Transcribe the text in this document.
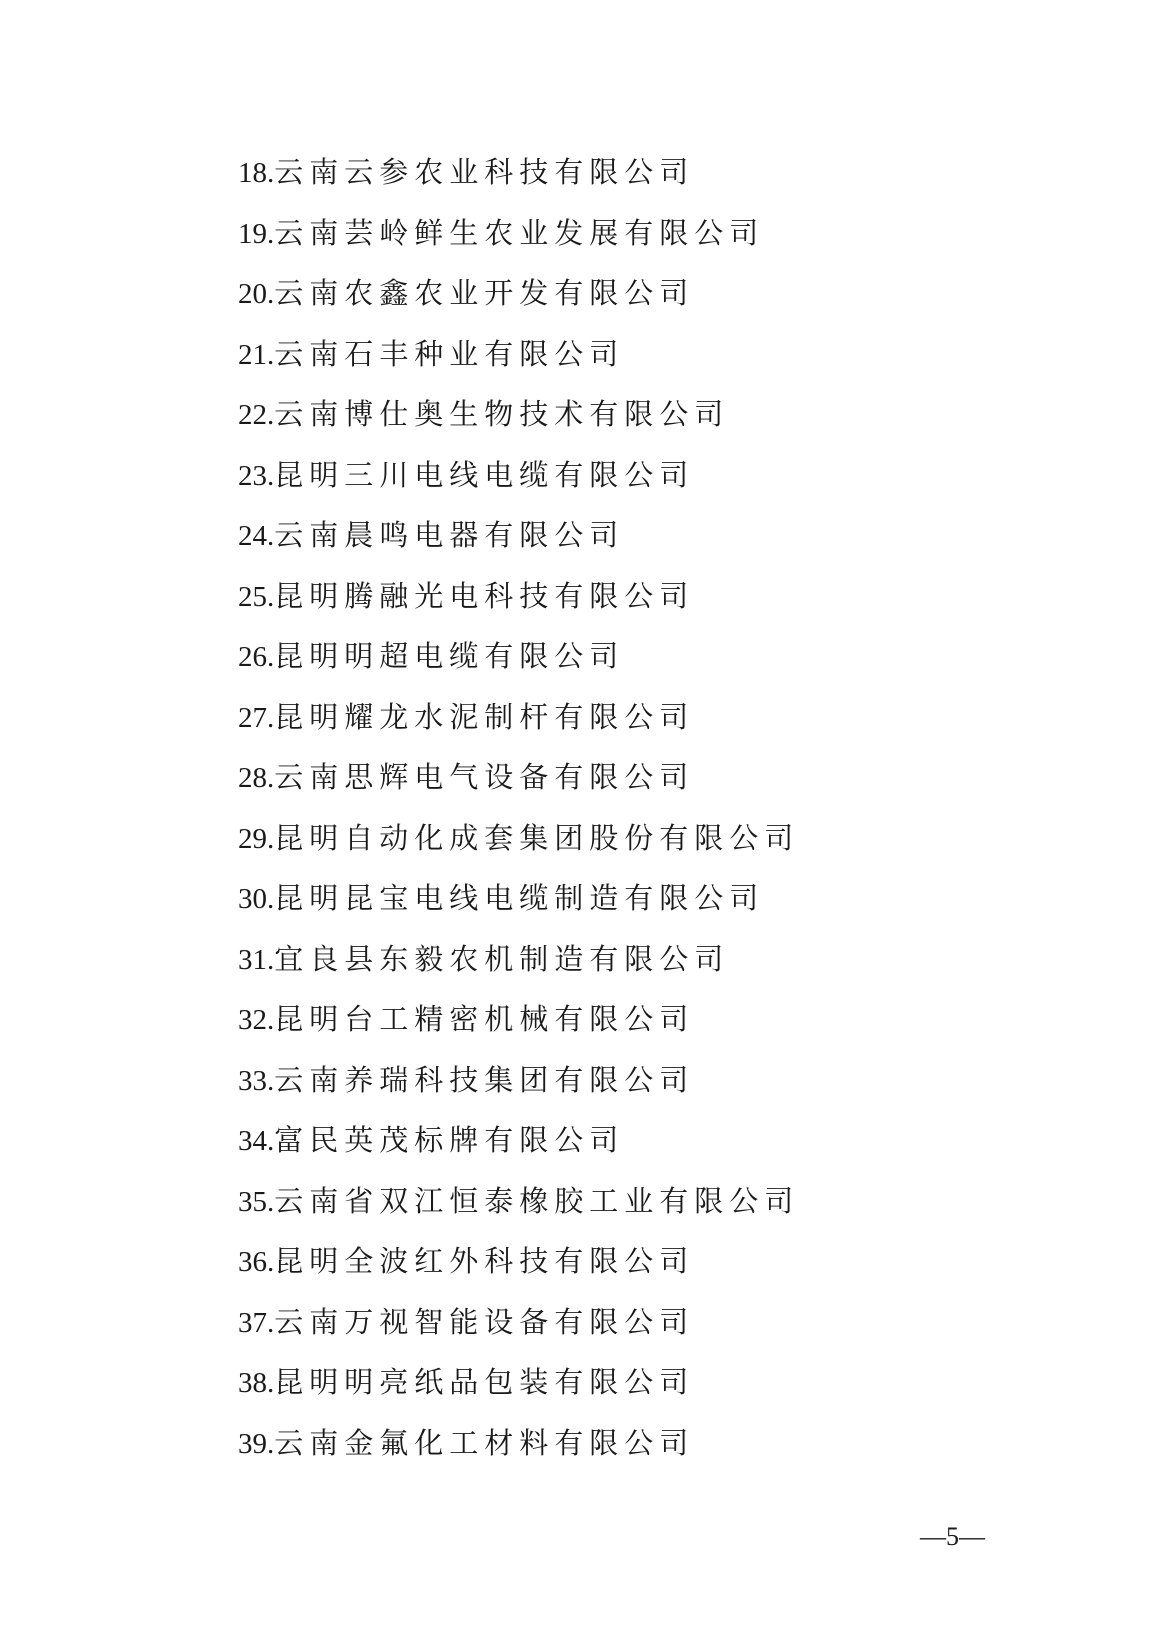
18.云南云参农业科技有限公司
19.云南芸岭鲜生农业发展有限公司
20.云南农鑫农业开发有限公司
21.云南石丰种业有限公司
22.云南博仕奥生物技术有限公司
23.昆明三川电线电缆有限公司
24.云南晨鸣电器有限公司
25.昆明腾融光电科技有限公司
26.昆明明超电缆有限公司
27.昆明耀龙水泥制杆有限公司
28.云南思辉电气设备有限公司
29.昆明自动化成套集团股份有限公司
30.昆明昆宝电线电缆制造有限公司
31.宜良县东毅农机制造有限公司
32.昆明台工精密机械有限公司
33.云南养瑞科技集团有限公司
34.富民英茂标牌有限公司
35.云南省双江恒泰橡胶工业有限公司
36.昆明全波红外科技有限公司
37.云南万视智能设备有限公司
38.昆明明亮纸品包装有限公司
39.云南金氟化工材料有限公司
—5—
